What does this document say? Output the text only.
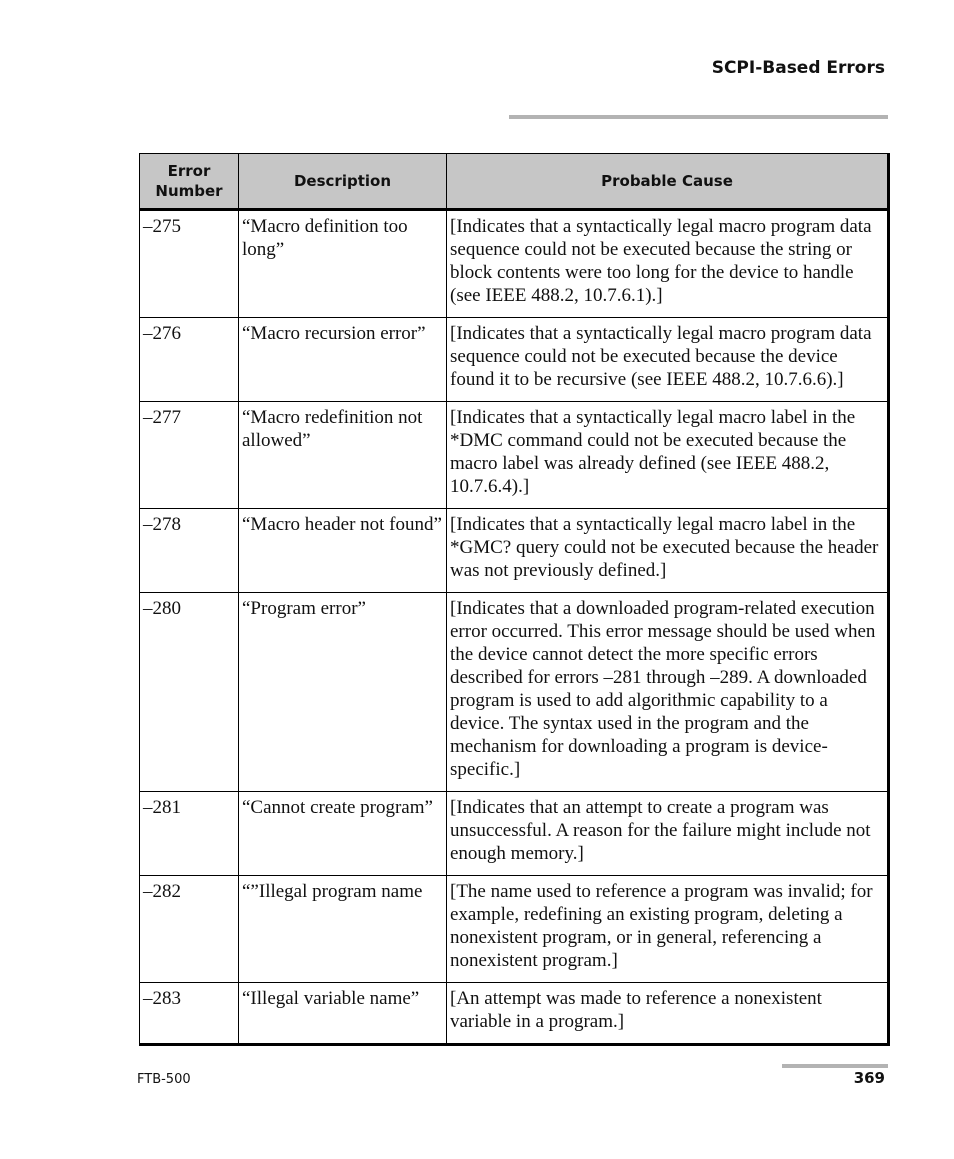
SCPI-Based Errors
Error Number	Description	Probable Cause
–275	“Macro definition too long”	[Indicates that a syntactically legal macro program data sequence could not be executed because the string or block contents were too long for the device to handle (see IEEE 488.2, 10.7.6.1).]
–276	“Macro recursion error”	[Indicates that a syntactically legal macro program data sequence could not be executed because the device found it to be recursive (see IEEE 488.2, 10.7.6.6).]
–277	“Macro redefinition not allowed”	[Indicates that a syntactically legal macro label in the *DMC command could not be executed because the macro label was already defined (see IEEE 488.2, 10.7.6.4).]
–278	“Macro header not found”	[Indicates that a syntactically legal macro label in the *GMC? query could not be executed because the header was not previously defined.]
–280	“Program error”	[Indicates that a downloaded program-related execution error occurred. This error message should be used when the device cannot detect the more specific errors described for errors –281 through –289. A downloaded program is used to add algorithmic capability to a device. The syntax used in the program and the mechanism for downloading a program is device-specific.]
–281	“Cannot create program”	[Indicates that an attempt to create a program was unsuccessful. A reason for the failure might include not enough memory.]
–282	“”Illegal program name	[The name used to reference a program was invalid; for example, redefining an existing program, deleting a nonexistent program, or in general, referencing a nonexistent program.]
–283	“Illegal variable name”	[An attempt was made to reference a nonexistent variable in a program.]
FTB-500	369
